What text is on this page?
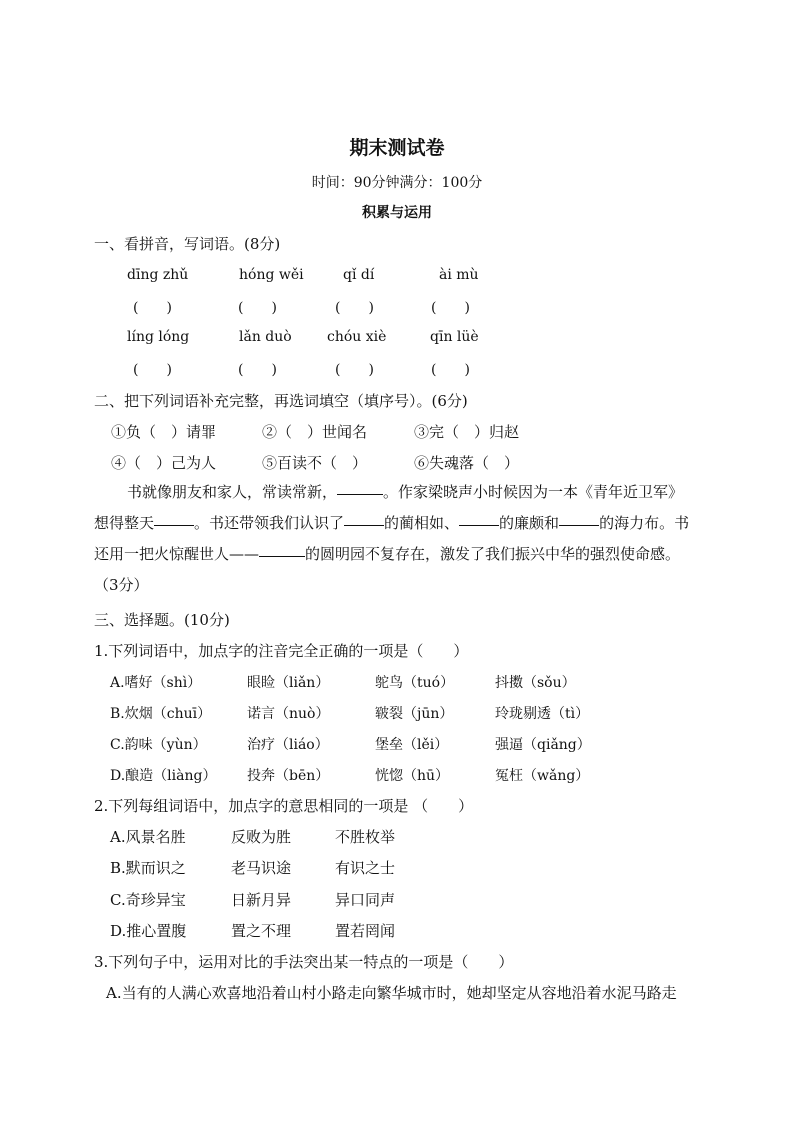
期末测试卷
时间：90分钟满分：100分
积累与运用
一、看拼音，写词语。(8分)
dīng zhǔ	hóng wěi	qǐ dí	ài mù
(　　)	(　　)	(　　)	(　　)
líng lóng	lǎn duò	chóu xiè	qīn lüè
(　　)	(　　)	(　　)	(　　)
二、把下列词语补充完整，再选词填空（填序号）。(6分)
①负（　）请罪	②（　）世闻名	③完（　）归赵
④（　）己为人	⑤百读不（　）	⑥失魂落（　）
书就像朋友和家人，常读常新，	。作家梁晓声小时候因为一本《青年近卫军》
想得整天	。书还带领我们认识了	的蔺相如、	的廉颇和	的海力布。书
还用一把火惊醒世人——	的圆明园不复存在，激发了我们振兴中华的强烈使命感。
（3分）
三、选择题。(10分)
1.下列词语中，加点字的注音完全正确的一项是（　　）
A.嗜好（shì）	眼睑（liǎn）	鸵鸟（tuó）	抖擞（sǒu）
B.炊烟（chuī）	诺言（nuò）	皲裂（jūn）	玲珑剔透（tì）
C.韵味（yùn）	治疗（liáo）	堡垒（lěi）	强逼（qiǎng）
D.酿造（liàng） 投奔（bēn）	恍惚（hū）	冤枉（wǎng）
2.下列每组词语中，加点字的意思相同的一项是 （　　）
A.风景名胜	反败为胜	不胜枚举
B.默而识之	老马识途	有识之士
C.奇珍异宝	日新月异	异口同声
D.推心置腹	置之不理	置若罔闻
3.下列句子中，运用对比的手法突出某一特点的一项是（　　）
A.当有的人满心欢喜地沿着山村小路走向繁华城市时，她却坚定从容地沿着水泥马路走
